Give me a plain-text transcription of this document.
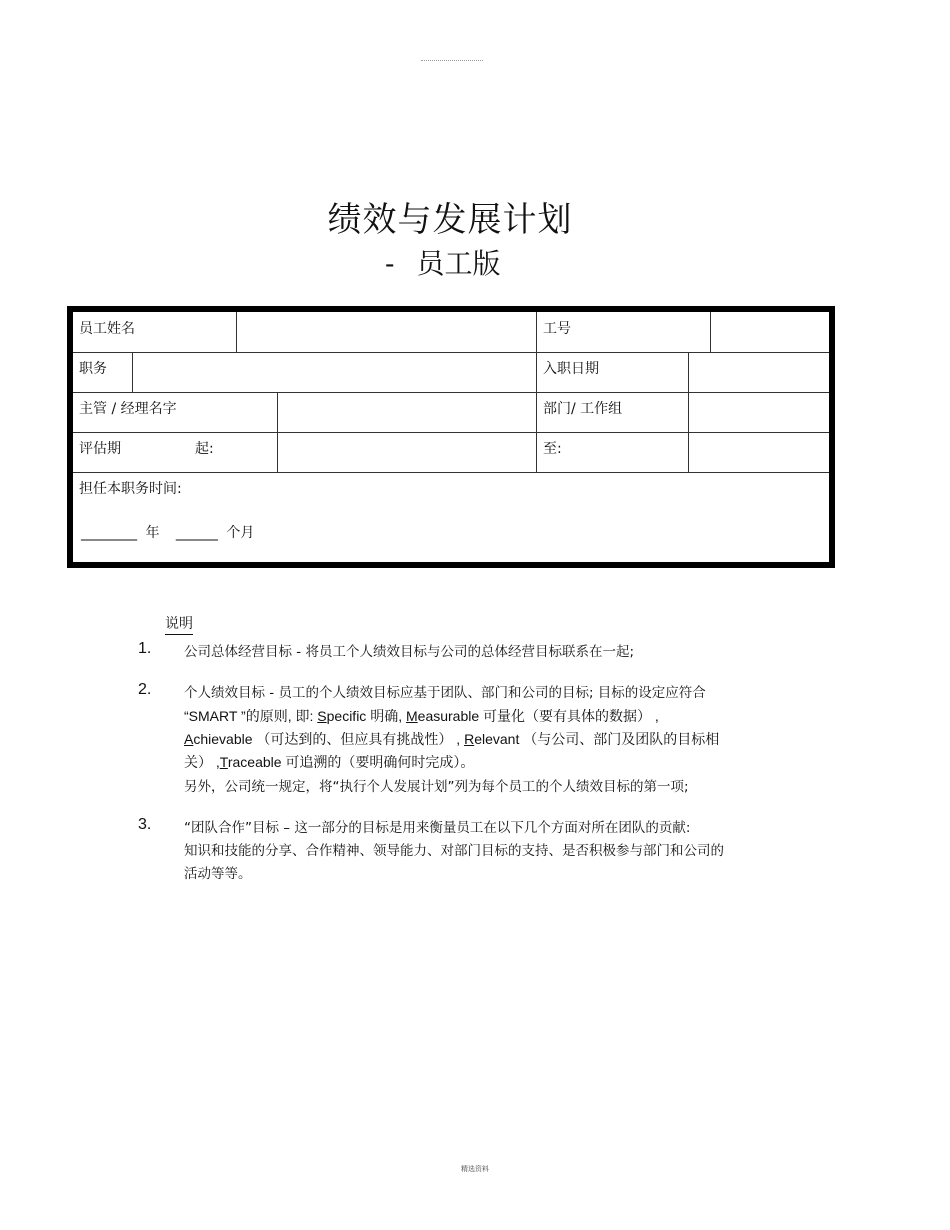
绩效与发展计划
- 员工版
员工姓名	工号
职务	入职日期
主管 / 经理名字	部门/ 工作组
评估期	起:	至:
担任本职务时间:
________ 年 ______ 个月
说明
1. 公司总体经营目标 - 将员工个人绩效目标与公司的总体经营目标联系在一起;
2. 个人绩效目标 - 员工的个人绩效目标应基于团队、部门和公司的目标; 目标的设定应符合
“SMART ”的原则, 即: Specific 明确, Measurable 可量化（要有具体的数据） ,
Achievable （可达到的、但应具有挑战性） , Relevant （与公司、部门及团队的目标相
关） ,Traceable 可追溯的（要明确何时完成）。
另外，公司统一规定，将“执行个人发展计划”列为每个员工的个人绩效目标的第一项;
3. “团队合作”目标 – 这一部分的目标是用来衡量员工在以下几个方面对所在团队的贡献:
知识和技能的分享、合作精神、领导能力、对部门目标的支持、是否积极参与部门和公司的
活动等等。
精选资料
